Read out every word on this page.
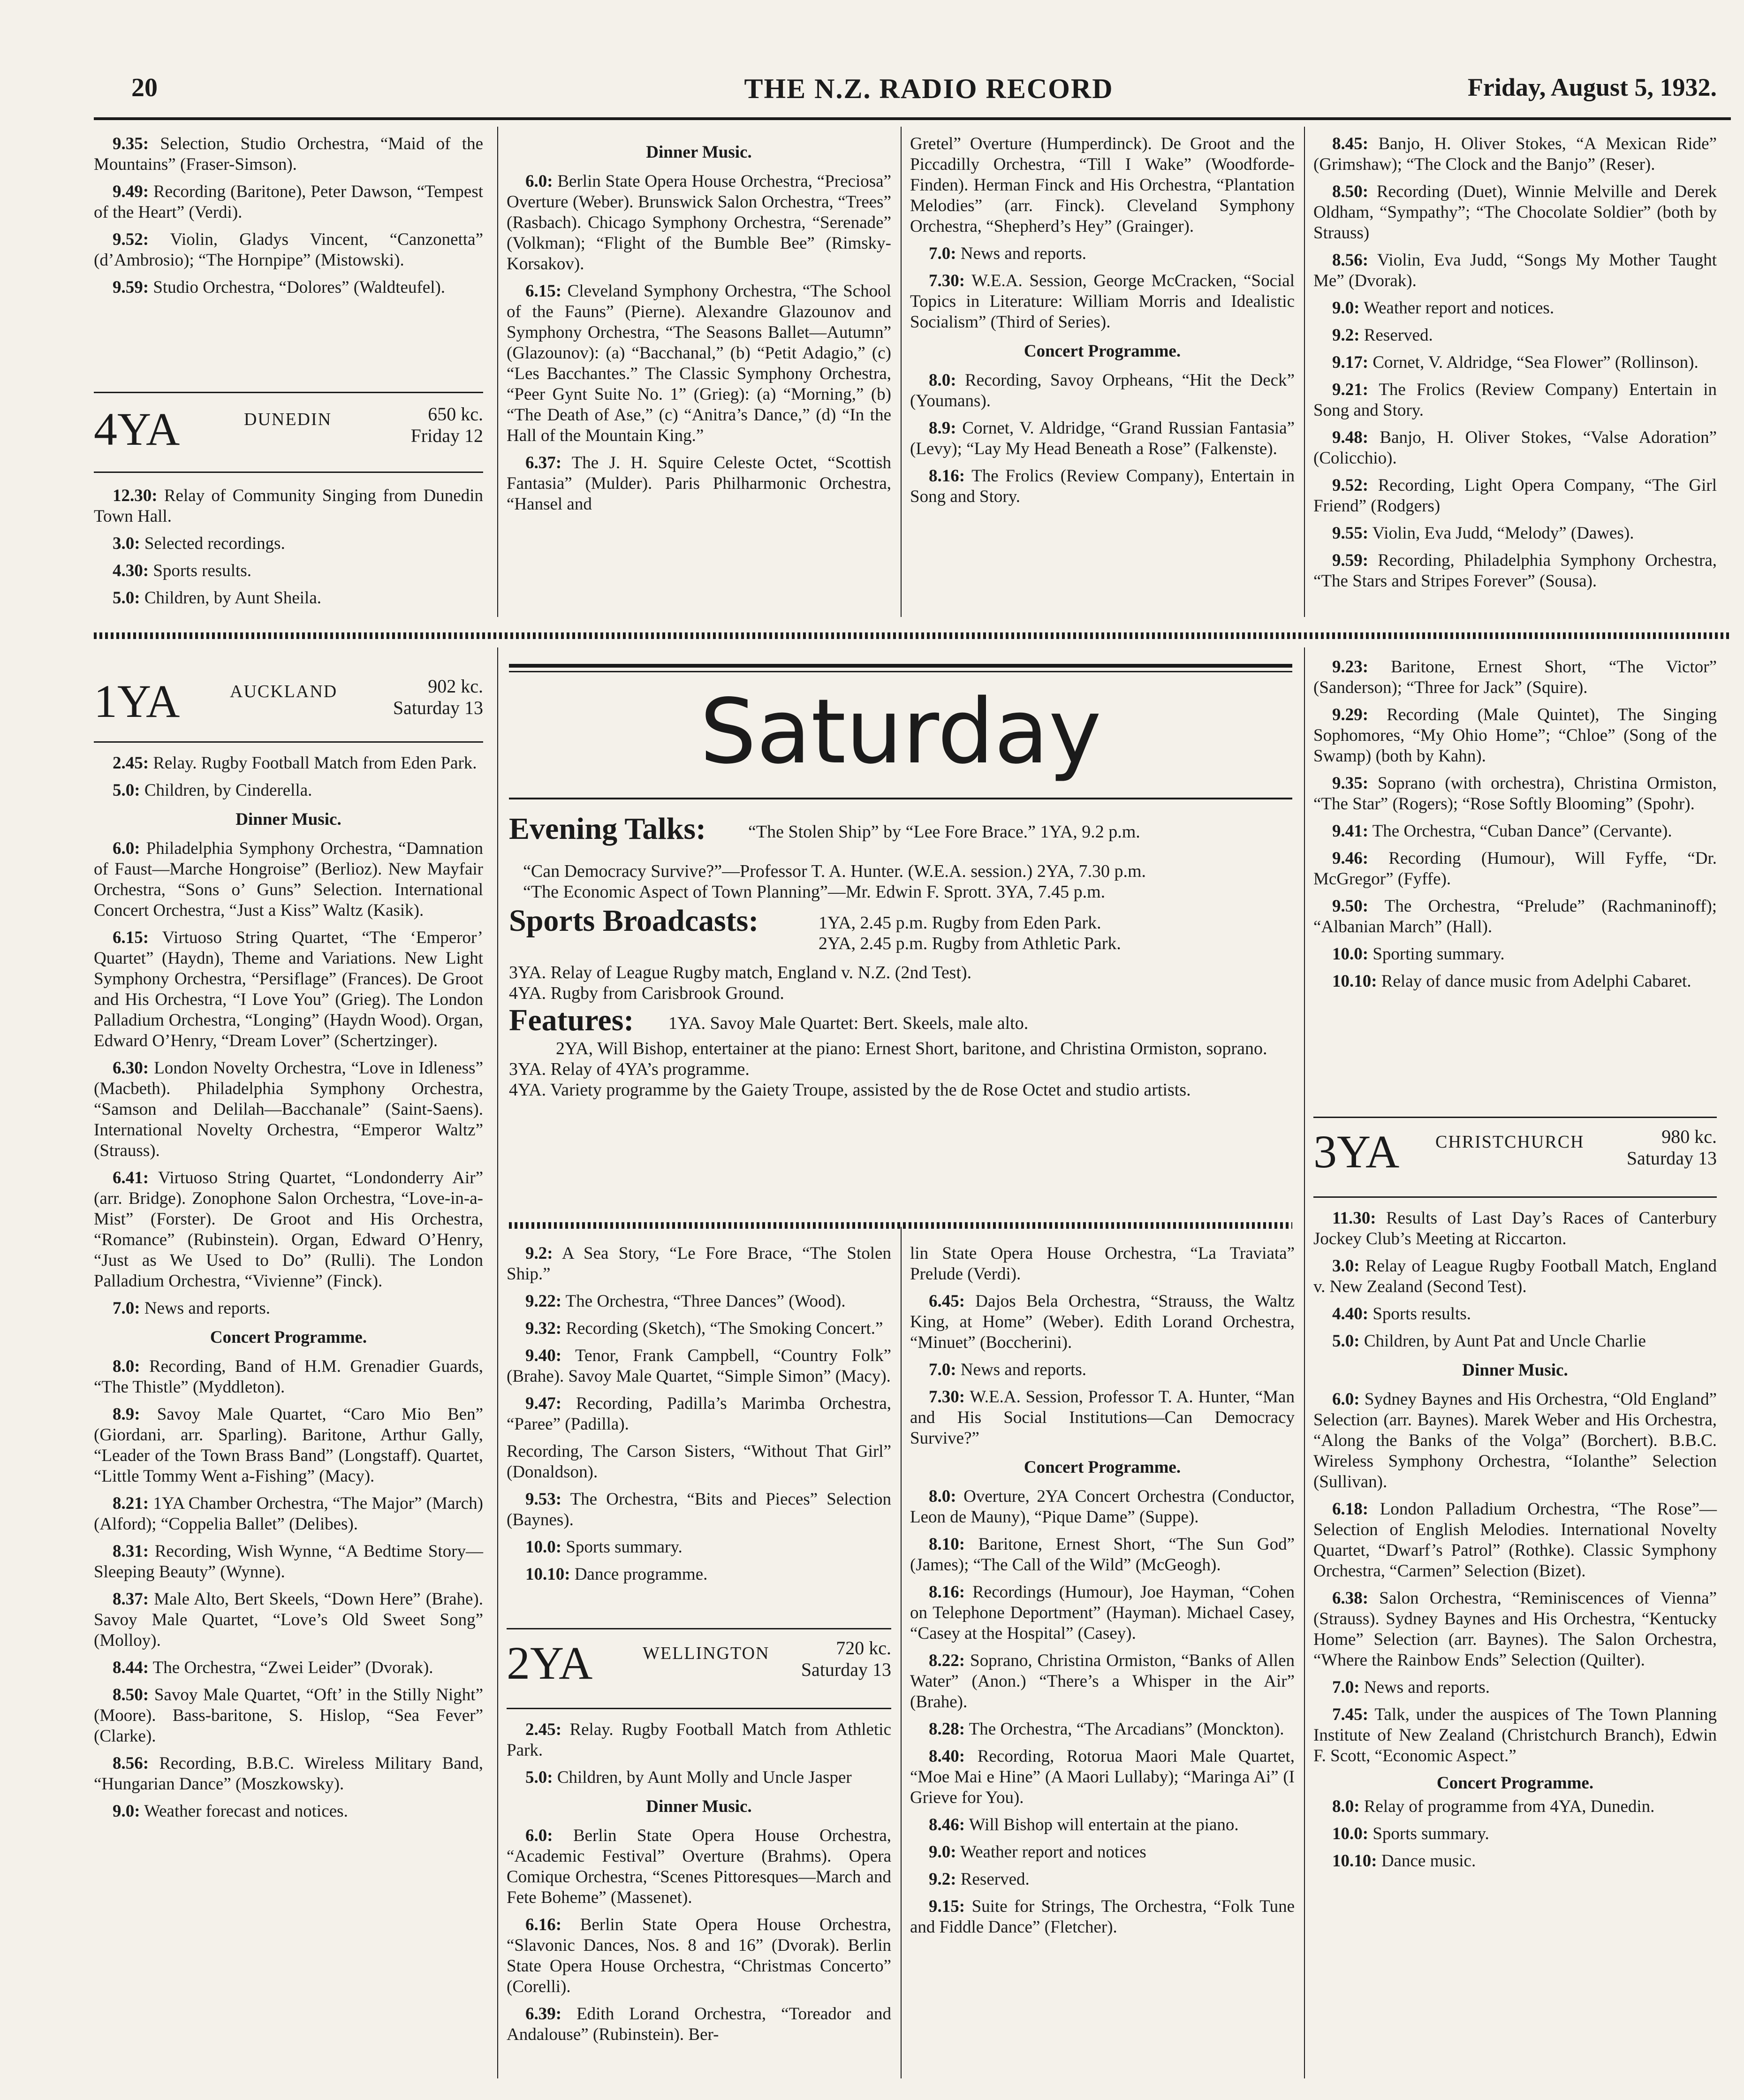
20	THE N.Z. RADIO RECORD	Friday, August 5, 1932.

9.35: Selection, Studio Orchestra, “Maid of the Mountains” (Fraser-Simson).

9.49: Recording (Baritone), Peter Dawson, “Tempest of the Heart” (Verdi).

9.52: Violin, Gladys Vincent, “Canzonetta” (d’Ambrosio); “The Hornpipe” (Mistowski).

9.59: Studio Orchestra, “Dolores” (Waldteufel).

4YA	DUNEDIN	650 kc.
Friday 12

12.30: Relay of Community Singing from Dunedin Town Hall.

3.0: Selected recordings.

4.30: Sports results.

5.0: Children, by Aunt Sheila.

Dinner Music.

6.0: Berlin State Opera House Orchestra, “Preciosa” Overture (Weber). Brunswick Salon Orchestra, “Trees” (Rasbach). Chicago Symphony Orchestra, “Serenade” (Volkman); “Flight of the Bumble Bee” (Rimsky-Korsakov).

6.15: Cleveland Symphony Orchestra, “The School of the Fauns” (Pierne). Alexandre Glazounov and Symphony Orchestra, “The Seasons Ballet—Autumn” (Glazounov): (a) “Bacchanal,” (b) “Petit Adagio,” (c) “Les Bacchantes.” The Classic Symphony Orchestra, “Peer Gynt Suite No. 1” (Grieg): (a) “Morning,” (b) “The Death of Ase,” (c) “Anitra’s Dance,” (d) “In the Hall of the Mountain King.”

6.37: The J. H. Squire Celeste Octet, “Scottish Fantasia” (Mulder). Paris Philharmonic Orchestra, “Hansel and

Gretel” Overture (Humperdinck). De Groot and the Piccadilly Orchestra, “Till I Wake” (Woodforde-Finden). Herman Finck and His Orchestra, “Plantation Melodies” (arr. Finck). Cleveland Symphony Orchestra, “Shepherd’s Hey” (Grainger).

7.0: News and reports.

7.30: W.E.A. Session, George McCracken, “Social Topics in Literature: William Morris and Idealistic Socialism” (Third of Series).

Concert Programme.

8.0: Recording, Savoy Orpheans, “Hit the Deck” (Youmans).

8.9: Cornet, V. Aldridge, “Grand Russian Fantasia” (Levy); “Lay My Head Beneath a Rose” (Falkenste).

8.16: The Frolics (Review Company), Entertain in Song and Story.

8.45: Banjo, H. Oliver Stokes, “A Mexican Ride” (Grimshaw); “The Clock and the Banjo” (Reser).

8.50: Recording (Duet), Winnie Melville and Derek Oldham, “Sympathy”; “The Chocolate Soldier” (both by Strauss)

8.56: Violin, Eva Judd, “Songs My Mother Taught Me” (Dvorak).

9.0: Weather report and notices.

9.2: Reserved.

9.17: Cornet, V. Aldridge, “Sea Flower” (Rollinson).

9.21: The Frolics (Review Company) Entertain in Song and Story.

9.48: Banjo, H. Oliver Stokes, “Valse Adoration” (Colicchio).

9.52: Recording, Light Opera Company, “The Girl Friend” (Rodgers)

9.55: Violin, Eva Judd, “Melody” (Dawes).

9.59: Recording, Philadelphia Symphony Orchestra, “The Stars and Stripes Forever” (Sousa).

1YA	AUCKLAND	902 kc.
Saturday 13

2.45: Relay. Rugby Football Match from Eden Park.

5.0: Children, by Cinderella.

Dinner Music.

6.0: Philadelphia Symphony Orchestra, “Damnation of Faust—Marche Hongroise” (Berlioz). New Mayfair Orchestra, “Sons o’ Guns” Selection. International Concert Orchestra, “Just a Kiss” Waltz (Kasik).

6.15: Virtuoso String Quartet, “The ‘Emperor’ Quartet” (Haydn), Theme and Variations. New Light Symphony Orchestra, “Persiflage” (Frances). De Groot and His Orchestra, “I Love You” (Grieg). The London Palladium Orchestra, “Longing” (Haydn Wood). Organ, Edward O’Henry, “Dream Lover” (Schertzinger).

6.30: London Novelty Orchestra, “Love in Idleness” (Macbeth). Philadelphia Symphony Orchestra, “Samson and Delilah—Bacchanale” (Saint-Saens). International Novelty Orchestra, “Emperor Waltz” (Strauss).

6.41: Virtuoso String Quartet, “Londonderry Air” (arr. Bridge). Zonophone Salon Orchestra, “Love-in-a-Mist” (Forster). De Groot and His Orchestra, “Romance” (Rubinstein). Organ, Edward O’Henry, “Just as We Used to Do” (Rulli). The London Palladium Orchestra, “Vivienne” (Finck).

7.0: News and reports.

Concert Programme.

8.0: Recording, Band of H.M. Grenadier Guards, “The Thistle” (Myddleton).

8.9: Savoy Male Quartet, “Caro Mio Ben” (Giordani, arr. Sparling). Baritone, Arthur Gally, “Leader of the Town Brass Band” (Longstaff). Quartet, “Little Tommy Went a-Fishing” (Macy).

8.21: 1YA Chamber Orchestra, “The Major” (March) (Alford); “Coppelia Ballet” (Delibes).

8.31: Recording, Wish Wynne, “A Bedtime Story—Sleeping Beauty” (Wynne).

8.37: Male Alto, Bert Skeels, “Down Here” (Brahe). Savoy Male Quartet, “Love’s Old Sweet Song” (Molloy).

8.44: The Orchestra, “Zwei Leider” (Dvorak).

8.50: Savoy Male Quartet, “Oft’ in the Stilly Night” (Moore). Bass-baritone, S. Hislop, “Sea Fever” (Clarke).

8.56: Recording, B.B.C. Wireless Military Band, “Hungarian Dance” (Moszkowsky).

9.0: Weather forecast and notices.

Saturday
Evening Talks: “The Stolen Ship” by “Lee Fore Brace.” 1YA, 9.2 p.m.
“Can Democracy Survive?”—Professor T. A. Hunter. (W.E.A. session.) 2YA, 7.30 p.m.
“The Economic Aspect of Town Planning”—Mr. Edwin F. Sprott. 3YA, 7.45 p.m.
Sports Broadcasts:	1YA, 2.45 p.m. Rugby from Eden Park.
2YA, 2.45 p.m. Rugby from Athletic Park.
3YA. Relay of League Rugby match, England v. N.Z. (2nd Test).
4YA. Rugby from Carisbrook Ground.
Features: 1YA. Savoy Male Quartet: Bert. Skeels, male alto.
2YA, Will Bishop, entertainer at the piano: Ernest Short, baritone, and Christina Ormiston, soprano.
3YA. Relay of 4YA’s programme.
4YA. Variety programme by the Gaiety Troupe, assisted by the de Rose Octet and studio artists.

9.2: A Sea Story, “Le Fore Brace, “The Stolen Ship.”

9.22: The Orchestra, “Three Dances” (Wood).

9.32: Recording (Sketch), “The Smoking Concert.”

9.40: Tenor, Frank Campbell, “Country Folk” (Brahe). Savoy Male Quartet, “Simple Simon” (Macy).

9.47: Recording, Padilla’s Marimba Orchestra, “Paree” (Padilla).

Recording, The Carson Sisters, “Without That Girl” (Donaldson).

9.53: The Orchestra, “Bits and Pieces” Selection (Baynes).

10.0: Sports summary.

10.10: Dance programme.

2YA	WELLINGTON	720 kc.
Saturday 13

2.45: Relay. Rugby Football Match from Athletic Park.

5.0: Children, by Aunt Molly and Uncle Jasper

Dinner Music.

6.0: Berlin State Opera House Orchestra, “Academic Festival” Overture (Brahms). Opera Comique Orchestra, “Scenes Pittoresques—March and Fete Boheme” (Massenet).

6.16: Berlin State Opera House Orchestra, “Slavonic Dances, Nos. 8 and 16” (Dvorak). Berlin State Opera House Orchestra, “Christmas Concerto” (Corelli).

6.39: Edith Lorand Orchestra, “Toreador and Andalouse” (Rubinstein). Ber-

lin State Opera House Orchestra, “La Traviata” Prelude (Verdi).

6.45: Dajos Bela Orchestra, “Strauss, the Waltz King, at Home” (Weber). Edith Lorand Orchestra, “Minuet” (Boccherini).

7.0: News and reports.

7.30: W.E.A. Session, Professor T. A. Hunter, “Man and His Social Institutions—Can Democracy Survive?”

Concert Programme.

8.0: Overture, 2YA Concert Orchestra (Conductor, Leon de Mauny), “Pique Dame” (Suppe).

8.10: Baritone, Ernest Short, “The Sun God” (James); “The Call of the Wild” (McGeogh).

8.16: Recordings (Humour), Joe Hayman, “Cohen on Telephone Deportment” (Hayman). Michael Casey, “Casey at the Hospital” (Casey).

8.22: Soprano, Christina Ormiston, “Banks of Allen Water” (Anon.) “There’s a Whisper in the Air” (Brahe).

8.28: The Orchestra, “The Arcadians” (Monckton).

8.40: Recording, Rotorua Maori Male Quartet, “Moe Mai e Hine” (A Maori Lullaby); “Maringa Ai” (I Grieve for You).

8.46: Will Bishop will entertain at the piano.

9.0: Weather report and notices

9.2: Reserved.

9.15: Suite for Strings, The Orchestra, “Folk Tune and Fiddle Dance” (Fletcher).

9.23: Baritone, Ernest Short, “The Victor” (Sanderson); “Three for Jack” (Squire).

9.29: Recording (Male Quintet), The Singing Sophomores, “My Ohio Home”; “Chloe” (Song of the Swamp) (both by Kahn).

9.35: Soprano (with orchestra), Christina Ormiston, “The Star” (Rogers); “Rose Softly Blooming” (Spohr).

9.41: The Orchestra, “Cuban Dance” (Cervante).

9.46: Recording (Humour), Will Fyffe, “Dr. McGregor” (Fyffe).

9.50: The Orchestra, “Prelude” (Rachmaninoff); “Albanian March” (Hall).

10.0: Sporting summary.

10.10: Relay of dance music from Adelphi Cabaret.

3YA CHRISTCHURCH	980 kc.
Saturday 13

11.30: Results of Last Day’s Races of Canterbury Jockey Club’s Meeting at Riccarton.

3.0: Relay of League Rugby Football Match, England v. New Zealand (Second Test).

4.40: Sports results.

5.0: Children, by Aunt Pat and Uncle Charlie

Dinner Music.

6.0: Sydney Baynes and His Orchestra, “Old England” Selection (arr. Baynes). Marek Weber and His Orchestra, “Along the Banks of the Volga” (Borchert). B.B.C. Wireless Symphony Orchestra, “Iolanthe” Selection (Sullivan).

6.18: London Palladium Orchestra, “The Rose”—Selection of English Melodies. International Novelty Quartet, “Dwarf’s Patrol” (Rothke). Classic Symphony Orchestra, “Carmen” Selection (Bizet).

6.38: Salon Orchestra, “Reminiscences of Vienna” (Strauss). Sydney Baynes and His Orchestra, “Kentucky Home” Selection (arr. Baynes). The Salon Orchestra, “Where the Rainbow Ends” Selection (Quilter).

7.0: News and reports.

7.45: Talk, under the auspices of The Town Planning Institute of New Zealand (Christchurch Branch), Edwin F. Scott, “Economic Aspect.”

Concert Programme.

8.0: Relay of programme from 4YA, Dunedin.

10.0: Sports summary.

10.10: Dance music.
